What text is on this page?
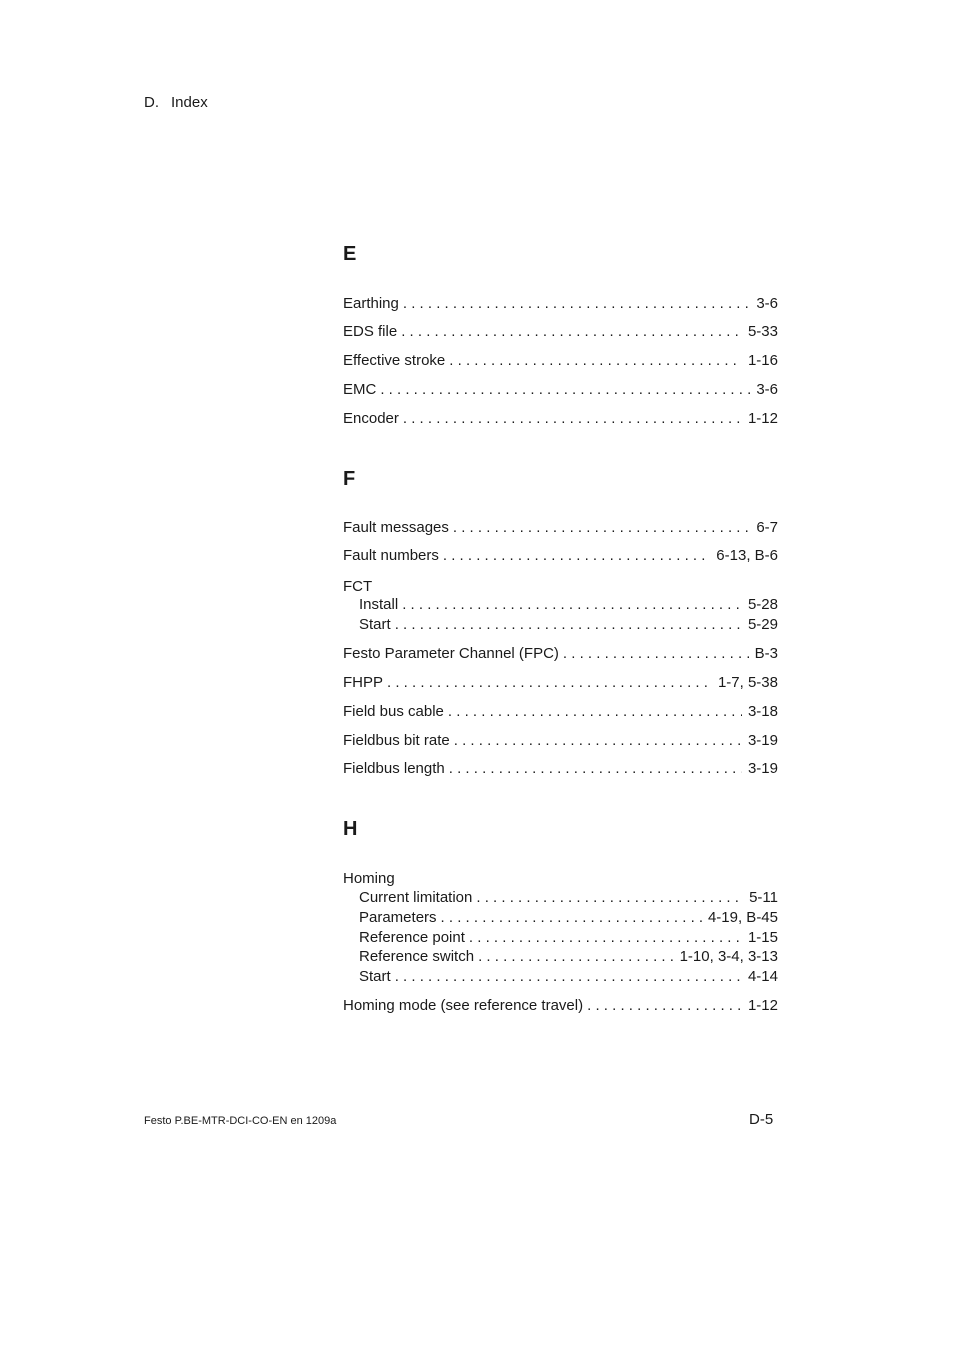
D. Index
E
Earthing . . .	3-6
EDS file . . .	5-33
Effective stroke . . .	1-16
EMC . . .	3-6
Encoder . . .	1-12
F
Fault messages . . .	6-7
Fault numbers . . .	6-13, B-6
FCT
Install . . .	5-28
Start . . .	5-29
Festo Parameter Channel (FPC) . . .	B-3
FHPP . . .	1-7, 5-38
Field bus cable . . .	3-18
Fieldbus bit rate . . .	3-19
Fieldbus length . . .	3-19
H
Homing
Current limitation . . .	5-11
Parameters . . .	4-19, B-45
Reference point . . .	1-15
Reference switch . . .	1-10, 3-4, 3-13
Start . . .	4-14
Homing mode (see reference travel) . . .	1-12
Festo P.BE-MTR-DCI-CO-EN en 1209a	D-5
